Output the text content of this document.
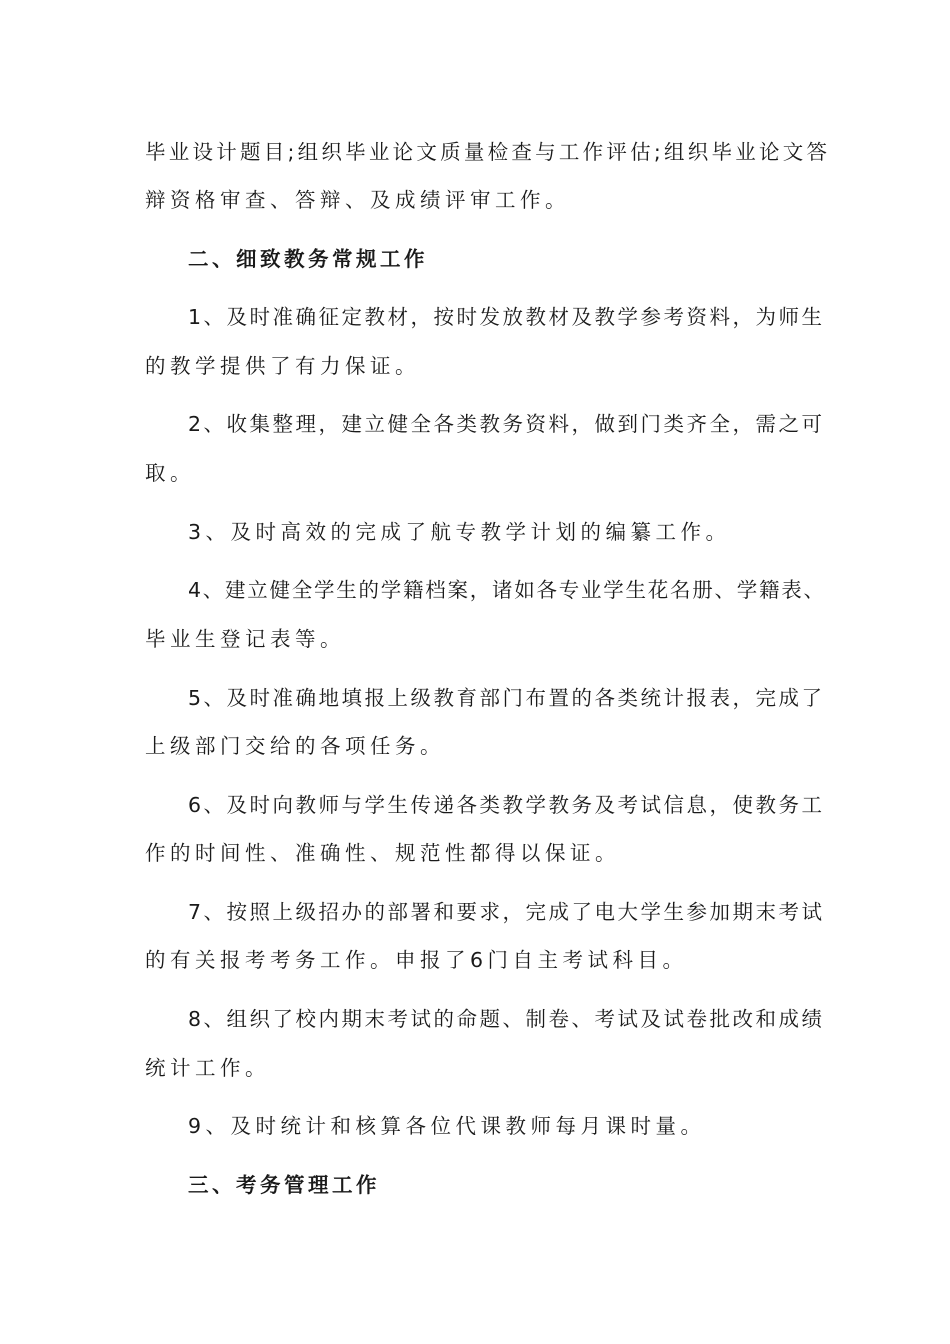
毕业设计题目;组织毕业论文质量检查与工作评估;组织毕业论文答
辩资格审查、答辩、及成绩评审工作。
二、细致教务常规工作
1、及时准确征定教材，按时发放教材及教学参考资料，为师生
的教学提供了有力保证。
2、收集整理，建立健全各类教务资料，做到门类齐全，需之可
取。
3、及时高效的完成了航专教学计划的编纂工作。
4、建立健全学生的学籍档案，诸如各专业学生花名册、学籍表、
毕业生登记表等。
5、及时准确地填报上级教育部门布置的各类统计报表，完成了
上级部门交给的各项任务。
6、及时向教师与学生传递各类教学教务及考试信息，使教务工
作的时间性、准确性、规范性都得以保证。
7、按照上级招办的部署和要求，完成了电大学生参加期末考试
的有关报考考务工作。申报了6门自主考试科目。
8、组织了校内期末考试的命题、制卷、考试及试卷批改和成绩
统计工作。
9、及时统计和核算各位代课教师每月课时量。
三、考务管理工作
